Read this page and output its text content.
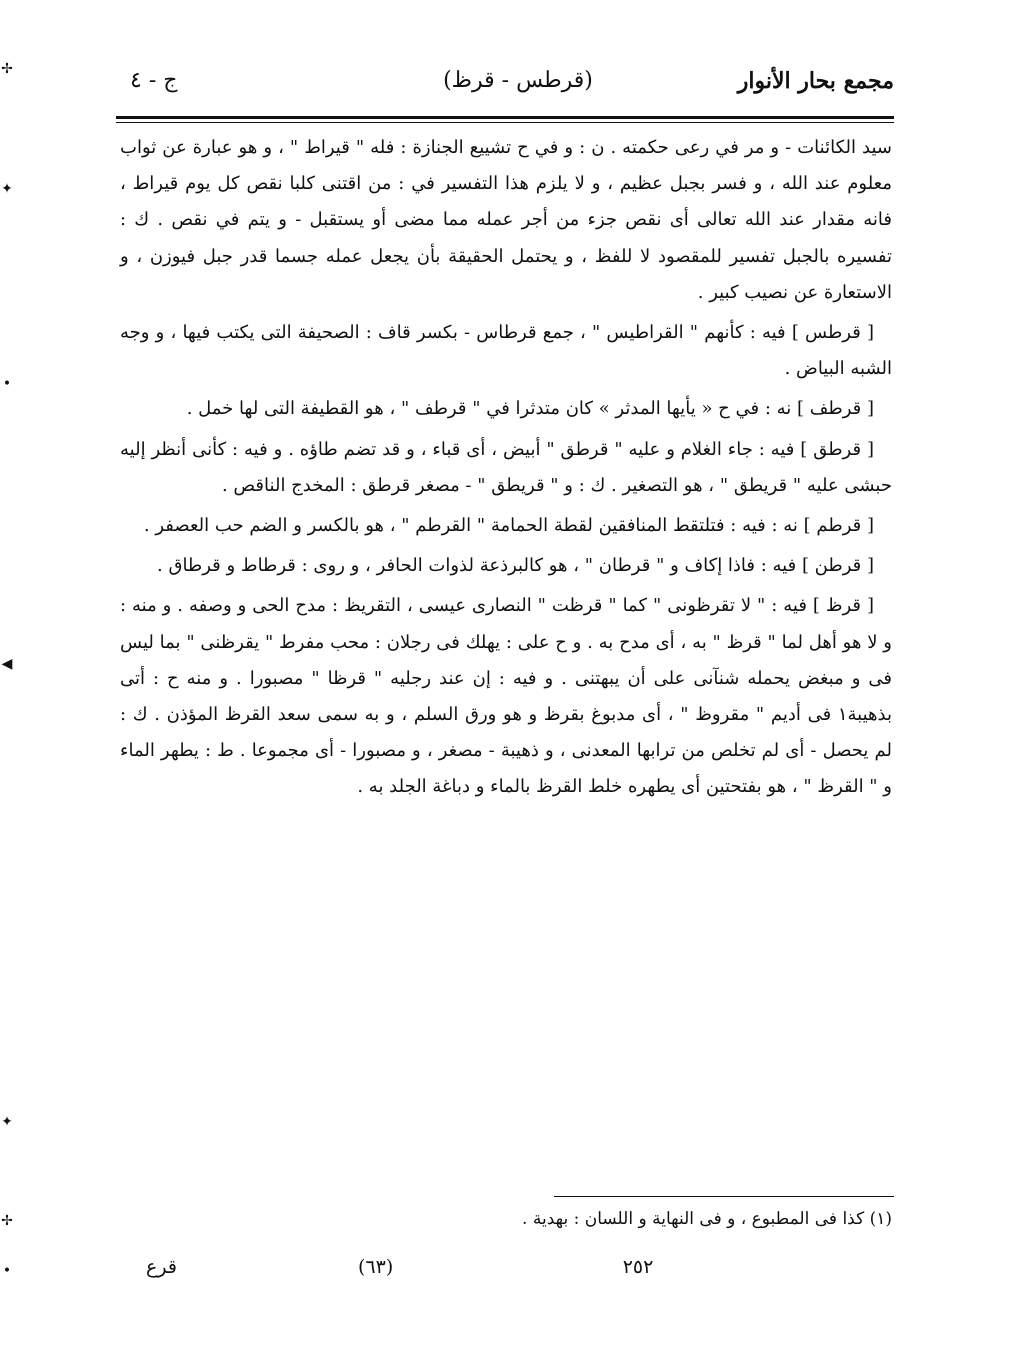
مجمع بحار الأنوار
(قرطس - قرظ)
ج - ٤

سيد الكائنات - و مر في رعى حكمته . ن : و في ح تشييع الجنازة : فله " قيراط " ، و هو عبارة عن ثواب معلوم عند الله ، و فسر بجبل عظيم ، و لا يلزم هذا التفسير في : من اقتنى كلبا نقص كل يوم قيراط ، فانه مقدار عند الله تعالى أى نقص جزء من أجر عمله مما مضى أو يستقبل - و يتم في نقص . ك : تفسيره بالجبل تفسير للمقصود لا للفظ ، و يحتمل الحقيقة بأن يجعل عمله جسما قدر جبل فيوزن ، و الاستعارة عن نصيب كبير .

[ قرطس ] فيه : كأنهم " القراطيس " ، جمع قرطاس - بكسر قاف : الصحيفة التى يكتب فيها ، و وجه الشبه البياض .

[ قرطف ] نه : في ح « يأيها المدثر » كان متدثرا في " قرطف " ، هو القطيفة التى لها خمل .

[ قرطق ] فيه : جاء الغلام و عليه " قرطق " أبيض ، أى قباء ، و قد تضم طاؤه . و فيه : كأنى أنظر إليه حبشى عليه " قريطق " ، هو التصغير . ك : و " قريطق " - مصغر قرطق : المخدج الناقص .

[ قرطم ] نه : فيه : فتلتقط المنافقين لقطة الحمامة " القرطم " ، هو بالكسر و الضم حب العصفر .

[ قرطن ] فيه : فاذا إكاف و " قرطان " ، هو كالبرذعة لذوات الحافر ، و روى : قرطاط و قرطاق .

[ قرظ ] فيه : " لا تقرظونى " كما " قرظت " النصارى عيسى ، التقريظ : مدح الحى و وصفه . و منه : و لا هو أهل لما " قرظ " به ، أى مدح به . و ح على : يهلك فى رجلان : محب مفرط " يقرظنى " بما ليس فى و مبغض يحمله شنآنى على أن يبهتنى . و فيه : إن عند رجليه " قرظا " مصبورا . و منه ح : أتى بذهيبة١ فى أديم " مقروظ " ، أى مدبوغ بقرظ و هو ورق السلم ، و به سمى سعد القرظ المؤذن . ك : لم يحصل - أى لم تخلص من ترابها المعدنى ، و ذهيبة - مصغر ، و مصبورا - أى مجموعا . ط : يطهر الماء و " القرظ " ، هو بفتحتين أى يطهره خلط القرظ بالماء و دباغة الجلد به .

(١) كذا فى المطبوع ، و فى النهاية و اللسان : بهدية .
٢٥٢
(٦٣)
قرع
✢
✦
•
◀
✦
✢
•
